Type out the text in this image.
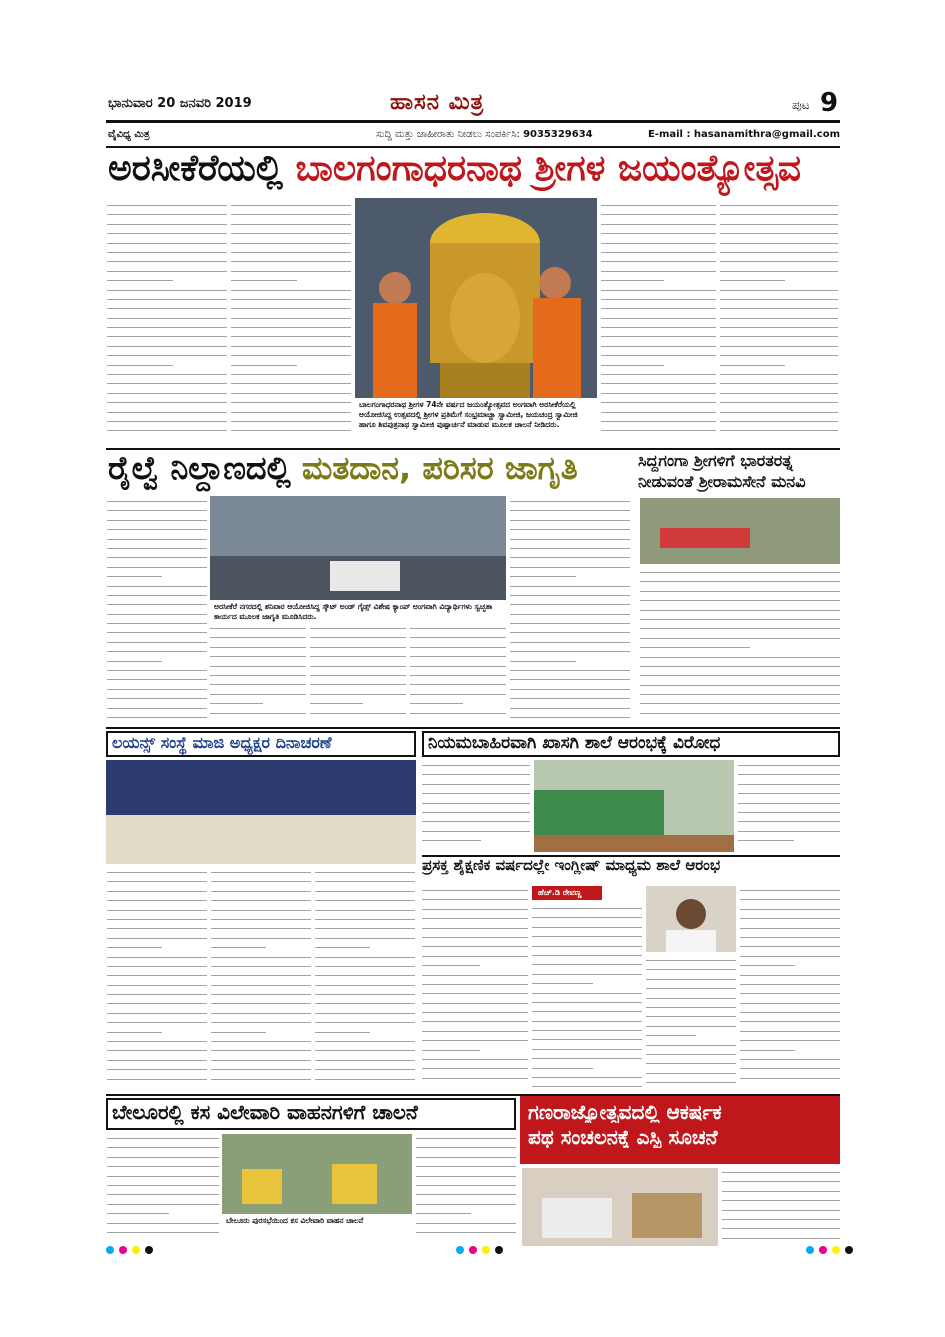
ಭಾನುವಾರ 20 ಜನವರಿ 2019	ಹಾಸನ ಮಿತ್ರ	ಪುಟ 9
ವೈವಿಧ್ಯ ಮಿತ್ರ	ಸುದ್ದಿ ಮತ್ತು ಜಾಹೀರಾತು ನೀಡಲು ಸಂಪರ್ಕಿಸಿ: 9035329634	E-mail : hasanamithra@gmail.com
ಅರಸೀಕೆರೆಯಲ್ಲಿ ಬಾಲಗಂಗಾಧರನಾಥ ಶ್ರೀಗಳ ಜಯಂತ್ಯೋತ್ಸವ
ಬಾಲಗಂಗಾಧರನಾಥ ಶ್ರೀಗಳ 74ನೇ ವರ್ಷದ ಜಯಂತ್ಯೋತ್ಸವದ ಅಂಗವಾಗಿ ಅರಸೀಕೆರೆಯಲ್ಲಿ ಆಯೋಜಿಸಿದ್ದ ಉತ್ಸವದಲ್ಲಿ ಶ್ರೀಗಳ ಪ್ರತಿಮೆಗೆ ಸಂಭ್ರಮಾಚ್ಚಾ ಸ್ವಾಮೀಜಿ, ಜಯಚಂದ್ರ ಸ್ವಾಮೀಜಿ ಹಾಗೂ ಶಿವಪುತ್ರನಾಥ ಸ್ವಾಮೀಜಿ ಪುಷ್ಪಾರ್ಚನೆ ಮಾಡುವ ಮೂಲಕ ಚಾಲನೆ ನೀಡಿದರು.
ರೈಲ್ವೆ ನಿಲ್ದಾಣದಲ್ಲಿ ಮತದಾನ, ಪರಿಸರ ಜಾಗೃತಿ
ಅರಸೀಕೆರೆ ನಗರದಲ್ಲಿ ಶನಿವಾರ ಆಯೋಜಿಸಿದ್ದ ಸ್ಕೌಟ್ ಅಂಡ್ ಗೈಡ್ಸ್ ವಿಶೇಷ ಕ್ಯಾಂಪ್ ಅಂಗವಾಗಿ ವಿದ್ಯಾರ್ಥಿಗಳು ಸ್ವಚ್ಛತಾ ಕಾರ್ಯದ ಮೂಲಕ ಜಾಗೃತಿ ಮೂಡಿಸಿದರು.
ಸಿದ್ದಗಂಗಾ ಶ್ರೀಗಳಿಗೆ ಭಾರತರತ್ನ
ನೀಡುವಂತೆ ಶ್ರೀರಾಮಸೇನೆ ಮನವಿ
ಲಯನ್ಸ್ ಸಂಸ್ಥೆ ಮಾಜಿ ಅಧ್ಯಕ್ಷರ ದಿನಾಚರಣೆ	ನಿಯಮಬಾಹಿರವಾಗಿ ಖಾಸಗಿ ಶಾಲೆ ಆರಂಭಕ್ಕೆ ವಿರೋಧ
ಪ್ರಸಕ್ತ ಶೈಕ್ಷಣಿಕ ವರ್ಷದಲ್ಲೇ ಇಂಗ್ಲೀಷ್ ಮಾಧ್ಯಮ ಶಾಲೆ ಆರಂಭ
ಹೆಚ್.ಡಿ ರೇವಣ್ಣ
ಬೇಲೂರಲ್ಲಿ ಕಸ ವಿಲೇವಾರಿ ವಾಹನಗಳಿಗೆ ಚಾಲನೆ
ಬೇಲೂರು ಪುರಸಭೆಯಿಂದ ಕಸ ವಿಲೇವಾರಿ ವಾಹನ ಚಾಲನೆ
ಗಣರಾಜ್ಯೋತ್ಸವದಲ್ಲಿ ಆಕರ್ಷಕ
ಪಥ ಸಂಚಲನಕ್ಕೆ ಎಸ್ಪಿ ಸೂಚನೆ
